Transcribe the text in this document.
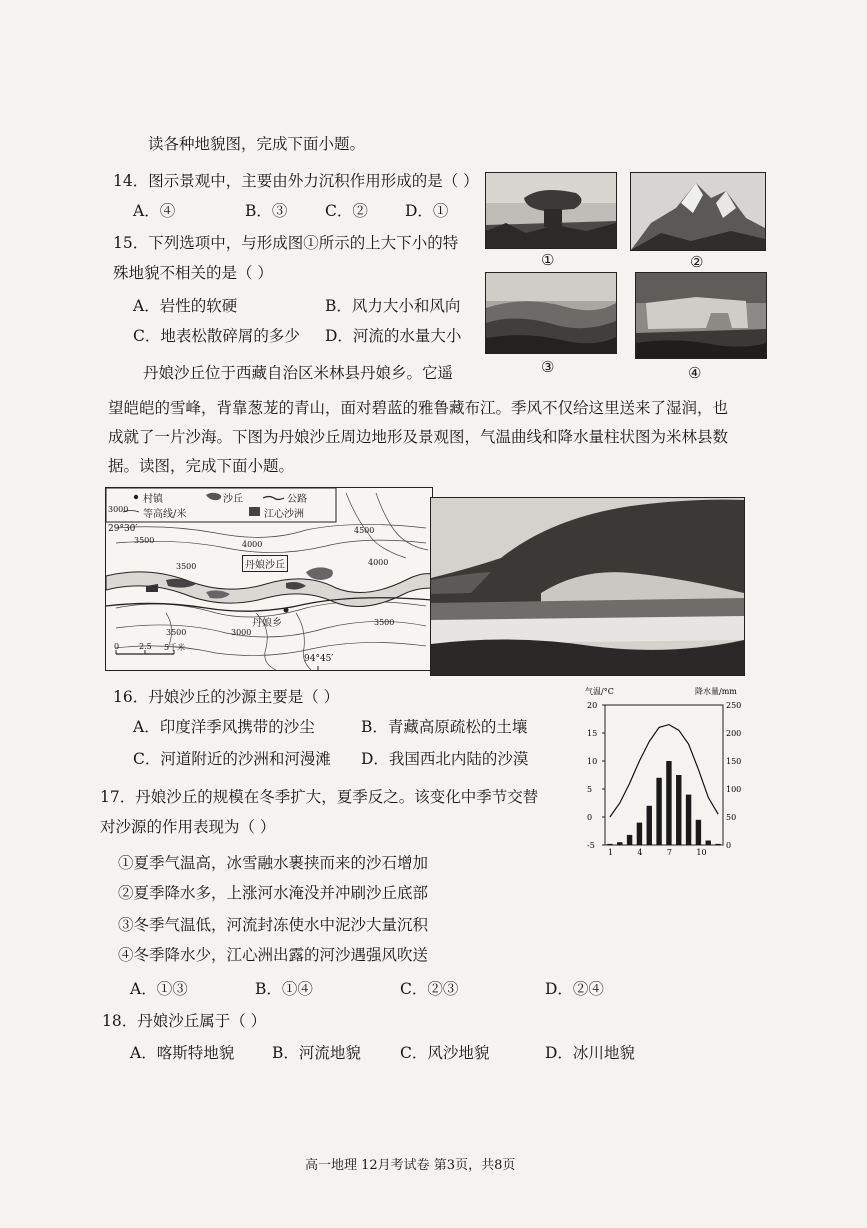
读各种地貌图，完成下面小题。
14．图示景观中，主要由外力沉积作用形成的是（ ）
A．④	B．③ C．② D．①
15．下列选项中，与形成图①所示的上大下小的特
殊地貌不相关的是（ ）
A．岩性的软硬	B．风力大小和风向
C．地表松散碎屑的多少 D．河流的水量大小
①	②
③	④
丹娘沙丘位于西藏自治区米林县丹娘乡。它遥
望皑皑的雪峰，背靠葱茏的青山，面对碧蓝的雅鲁藏布江。季风不仅给这里送来了湿润，也
成就了一片沙海。下图为丹娘沙丘周边地形及景观图，气温曲线和降水量柱状图为米林县数
据。读图，完成下面小题。
村镇	沙丘	公路
3000 等高线/米	江心沙洲
29°30′
3500	4000
4500
3500	4000
3500
3500
3000
丹娘沙丘
丹娘乡
0 2.5 5千米
94°45′
16．丹娘沙丘的沙源主要是（ ）
A．印度洋季风携带的沙尘	B．青藏高原疏松的土壤
C．河道附近的沙洲和河漫滩 D．我国西北内陆的沙漠
气温/°C	降水量/mm
20
15
10
5
0
-5
250
200
150
100
50
0
1	4	7	10
17．丹娘沙丘的规模在冬季扩大，夏季反之。该变化中季节交替
对沙源的作用表现为（ ）
①夏季气温高，冰雪融水裹挟而来的沙石增加
②夏季降水多，上涨河水淹没并冲刷沙丘底部
③冬季气温低，河流封冻使水中泥沙大量沉积
④冬季降水少，江心洲出露的河沙遇强风吹送
A．①③	B．①④	C．②③	D．②④
18．丹娘沙丘属于（ ）
A．喀斯特地貌 B．河流地貌	C．风沙地貌	D．冰川地貌
高一地理 12月考试卷 第3页，共8页
